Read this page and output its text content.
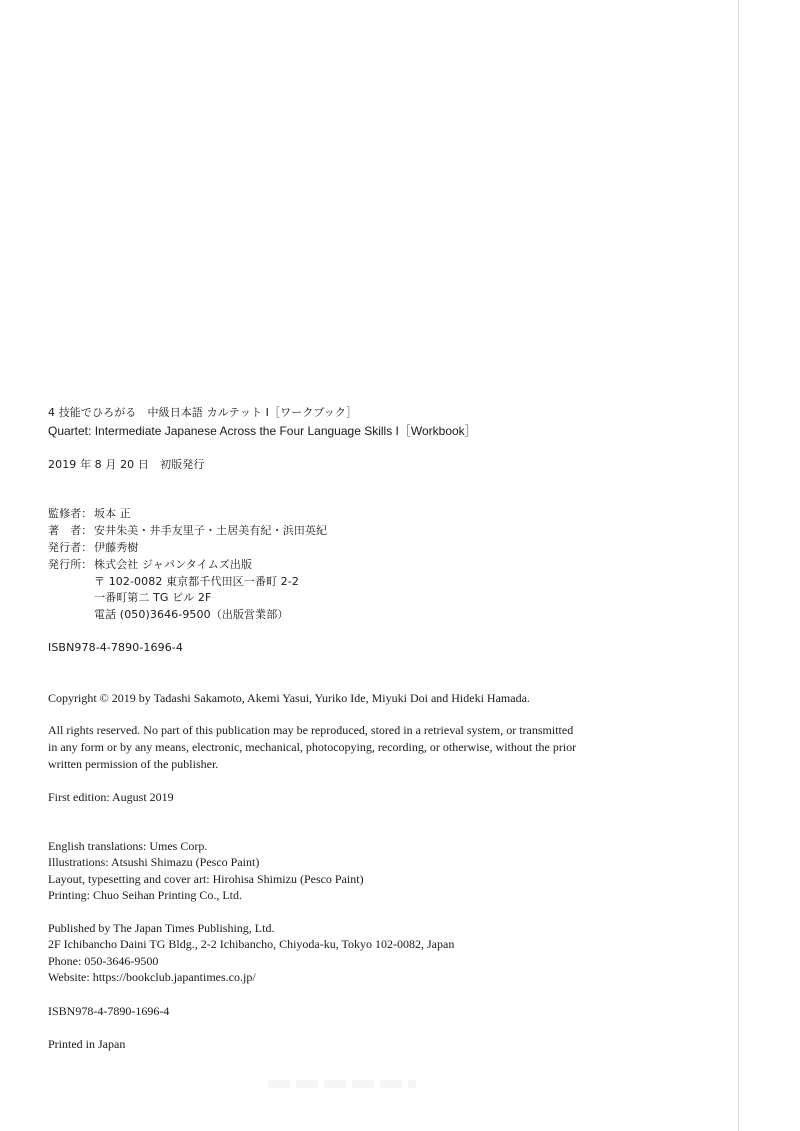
4 技能でひろがる　中級日本語 カルテット Ⅰ［ワークブック］
Quartet: Intermediate Japanese Across the Four Language Skills I［Workbook］
2019 年 8 月 20 日　初版発行
監修者： 坂本 正
著　者： 安井朱美・井手友里子・土居美有紀・浜田英紀
発行者： 伊藤秀樹
発行所： 株式会社 ジャパンタイムズ出版
〒 102-0082 東京都千代田区一番町 2-2
一番町第二 TG ビル 2F
電話 (050)3646-9500（出版営業部）
ISBN978-4-7890-1696-4
Copyright © 2019 by Tadashi Sakamoto, Akemi Yasui, Yuriko Ide, Miyuki Doi and Hideki Hamada.
All rights reserved. No part of this publication may be reproduced, stored in a retrieval system, or transmitted
in any form or by any means, electronic, mechanical, photocopying, recording, or otherwise, without the prior
written permission of the publisher.
First edition: August 2019
English translations: Umes Corp.
Illustrations: Atsushi Shimazu (Pesco Paint)
Layout, typesetting and cover art: Hirohisa Shimizu (Pesco Paint)
Printing: Chuo Seihan Printing Co., Ltd.
Published by The Japan Times Publishing, Ltd.
2F Ichibancho Daini TG Bldg., 2-2 Ichibancho, Chiyoda-ku, Tokyo 102-0082, Japan
Phone: 050-3646-9500
Website: https://bookclub.japantimes.co.jp/
ISBN978-4-7890-1696-4
Printed in Japan
